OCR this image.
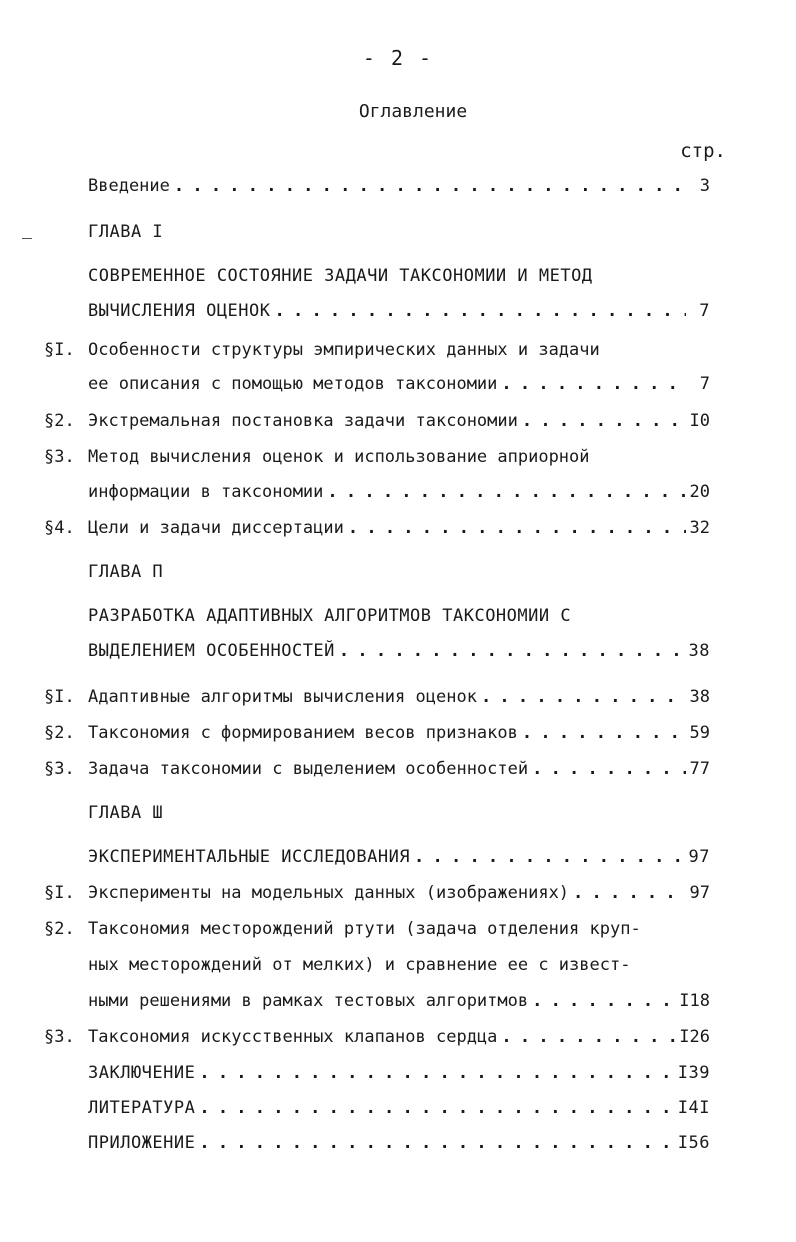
- 2 -
Оглавление
стр.
Введение . . .	3
ГЛАВА I
СОВРЕМЕННОЕ СОСТОЯНИЕ ЗАДАЧИ ТАКСОНОМИИ И МЕТОД
ВЫЧИСЛЕНИЯ ОЦЕНОК . . .	7
§I. Особенности структуры эмпирических данных и задачи
ее описания с помощью методов таксономии . . .	7
§2. Экстремальная постановка задачи таксономии . . .	I0
§3. Метод вычисления оценок и использование априорной
информации в таксономии . . .	20
§4. Цели и задачи диссертации . . .	32
ГЛАВА П
РАЗРАБОТКА АДАПТИВНЫХ АЛГОРИТМОВ ТАКСОНОМИИ С
ВЫДЕЛЕНИЕМ ОСОБЕННОСТЕЙ . . .	38
§I. Адаптивные алгоритмы вычисления оценок . . .	38
§2. Таксономия с формированием весов признаков . . .	59
§3. Задача таксономии с выделением особенностей . . .	77
ГЛАВА Ш
ЭКСПЕРИМЕНТАЛЬНЫЕ ИССЛЕДОВАНИЯ . . .	97
§I. Эксперименты на модельных данных (изображениях) . . .	97
§2. Таксономия месторождений ртути (задача отделения круп-
ных месторождений от мелких) и сравнение ее с извест-
ными решениями в рамках тестовых алгоритмов . . .	I18
§3. Таксономия искусственных клапанов сердца . . .	I26
ЗАКЛЮЧЕНИЕ . . .	I39
ЛИТЕРАТУРА . . .	I4I
ПРИЛОЖЕНИЕ . . .	I56
